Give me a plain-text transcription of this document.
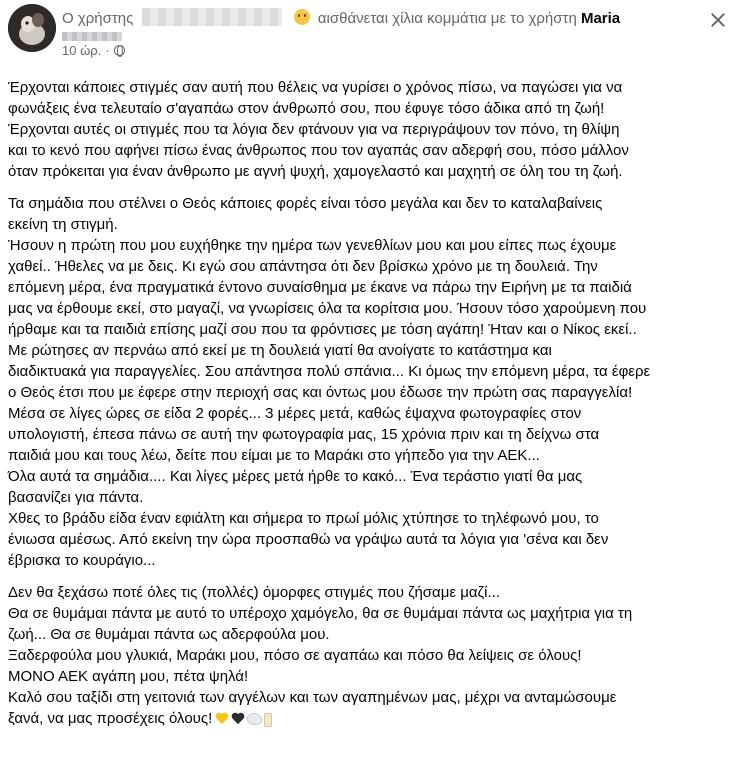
Ο χρήστης	αισθάνεται χίλια κομμάτια με το χρήστη Maria
10 ώρ. ·
Έρχονται κάποιες στιγμές σαν αυτή που θέλεις να γυρίσει ο χρόνος πίσω, να παγώσει για να
φωνάξεις ένα τελευταίο σ'αγαπάω στον άνθρωπό σου, που έφυγε τόσο άδικα από τη ζωή!
Έρχονται αυτές οι στιγμές που τα λόγια δεν φτάνουν για να περιγράψουν τον πόνο, τη θλίψη
και το κενό που αφήνει πίσω ένας άνθρωπος που τον αγαπάς σαν αδερφή σου, πόσο μάλλον
όταν πρόκειται για έναν άνθρωπο με αγνή ψυχή, χαμογελαστό και μαχητή σε όλη του τη ζωή.
Τα σημάδια που στέλνει ο Θεός κάποιες φορές είναι τόσο μεγάλα και δεν το καταλαβαίνεις
εκείνη τη στιγμή.
Ήσουν η πρώτη που μου ευχήθηκε την ημέρα των γενεθλίων μου και μου είπες πως έχουμε
χαθεί.. Ήθελες να με δεις. Κι εγώ σου απάντησα ότι δεν βρίσκω χρόνο με τη δουλειά. Την
επόμενη μέρα, ένα πραγματικά έντονο συναίσθημα με έκανε να πάρω την Ειρήνη με τα παιδιά
μας να έρθουμε εκεί, στο μαγαζί, να γνωρίσεις όλα τα κορίτσια μου. Ήσουν τόσο χαρούμενη που
ήρθαμε και τα παιδιά επίσης μαζί σου που τα φρόντισες με τόση αγάπη! Ήταν και ο Νίκος εκεί..
Με ρώτησες αν περνάω από εκεί με τη δουλειά γιατί θα ανοίγατε το κατάστημα και
διαδικτυακά για παραγγελίες. Σου απάντησα πολύ σπάνια... Κι όμως την επόμενη μέρα, τα έφερε
ο Θεός έτσι που με έφερε στην περιοχή σας και όντως μου έδωσε την πρώτη σας παραγγελία!
Μέσα σε λίγες ώρες σε είδα 2 φορές... 3 μέρες μετά, καθώς έψαχνα φωτογραφίες στον
υπολογιστή, έπεσα πάνω σε αυτή την φωτογραφία μας, 15 χρόνια πριν και τη δείχνω στα
παιδιά μου και τους λέω, δείτε που είμαι με το Μαράκι στο γήπεδο για την ΑΕΚ...
Όλα αυτά τα σημάδια.... Και λίγες μέρες μετά ήρθε το κακό... Ένα τεράστιο γιατί θα μας
βασανίζει για πάντα.
Χθες το βράδυ είδα έναν εφιάλτη και σήμερα το πρωί μόλις χτύπησε το τηλέφωνό μου, το
ένιωσα αμέσως. Από εκείνη την ώρα προσπαθώ να γράψω αυτά τα λόγια για 'σένα και δεν
έβρισκα το κουράγιο...
Δεν θα ξεχάσω ποτέ όλες τις (πολλές) όμορφες στιγμές που ζήσαμε μαζί...
Θα σε θυμάμαι πάντα με αυτό το υπέροχο χαμόγελο, θα σε θυμάμαι πάντα ως μαχήτρια για τη
ζωή... Θα σε θυμάμαι πάντα ως αδερφούλα μου.
Ξαδερφούλα μου γλυκιά, Μαράκι μου, πόσο σε αγαπάω και πόσο θα λείψεις σε όλους!
ΜΟΝΟ ΑΕΚ αγάπη μου, πέτα ψηλά!
Καλό σου ταξίδι στη γειτονιά των αγγέλων και των αγαπημένων μας, μέχρι να ανταμώσουμε
ξανά, να μας προσέχεις όλους!
